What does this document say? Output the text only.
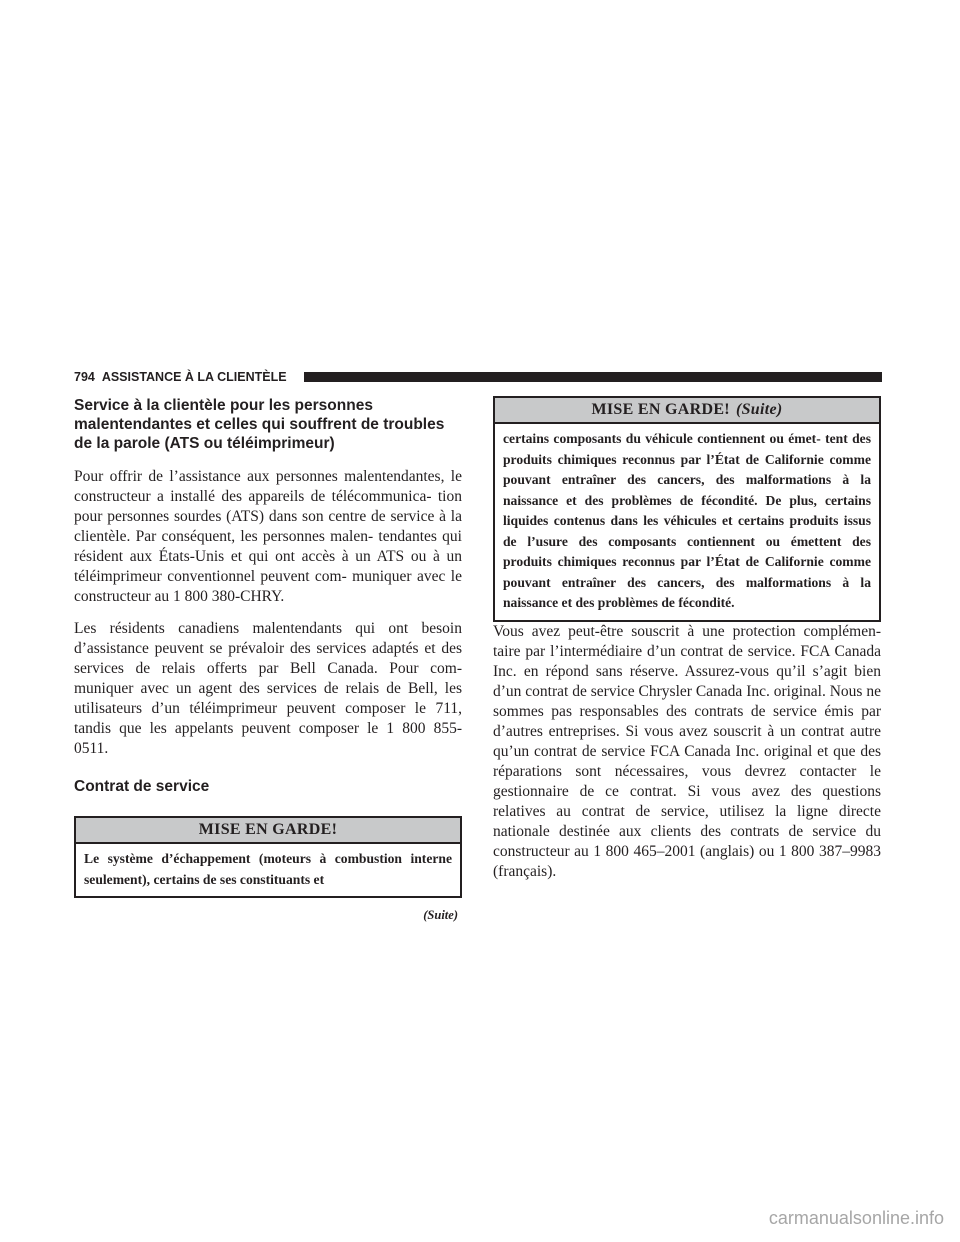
794 ASSISTANCE À LA CLIENTÈLE
Service à la clientèle pour les personnes malentendantes et celles qui souffrent de troubles de la parole (ATS ou téléimprimeur)

Pour offrir de l’assistance aux personnes malentendantes, le constructeur a installé des appareils de télécommunica- tion pour personnes sourdes (ATS) dans son centre de service à la clientèle. Par conséquent, les personnes malen- tendantes qui résident aux États-Unis et qui ont accès à un ATS ou à un téléimprimeur conventionnel peuvent com- muniquer avec le constructeur au 1 800 380-CHRY.

Les résidents canadiens malentendants qui ont besoin d’assistance peuvent se prévaloir des services adaptés et des services de relais offerts par Bell Canada. Pour com- muniquer avec un agent des services de relais de Bell, les utilisateurs d’un téléimprimeur peuvent composer le 711, tandis que les appelants peuvent composer le 1 800 855- 0511.

Contrat de service
MISE EN GARDE!
Le système d’échappement (moteurs à combustion interne seulement), certains de ses constituants et
(Suite)
MISE EN GARDE! (Suite)
certains composants du véhicule contiennent ou émet- tent des produits chimiques reconnus par l’État de Californie comme pouvant entraîner des cancers, des malformations à la naissance et des problèmes de fécondité. De plus, certains liquides contenus dans les véhicules et certains produits issus de l’usure des composants contiennent ou émettent des produits chimiques reconnus par l’État de Californie comme pouvant entraîner des cancers, des malformations à la naissance et des problèmes de fécondité.

Vous avez peut-être souscrit à une protection complémen- taire par l’intermédiaire d’un contrat de service. FCA Canada Inc. en répond sans réserve. Assurez-vous qu’il s’agit bien d’un contrat de service Chrysler Canada Inc. original. Nous ne sommes pas responsables des contrats de service émis par d’autres entreprises. Si vous avez souscrit à un contrat autre qu’un contrat de service FCA Canada Inc. original et que des réparations sont nécessaires, vous devrez contacter le gestionnaire de ce contrat. Si vous avez des questions relatives au contrat de service, utilisez la ligne directe nationale destinée aux clients des contrats de service du constructeur au 1 800 465–2001 (anglais) ou 1 800 387–9983 (français).

carmanualsonline.info
